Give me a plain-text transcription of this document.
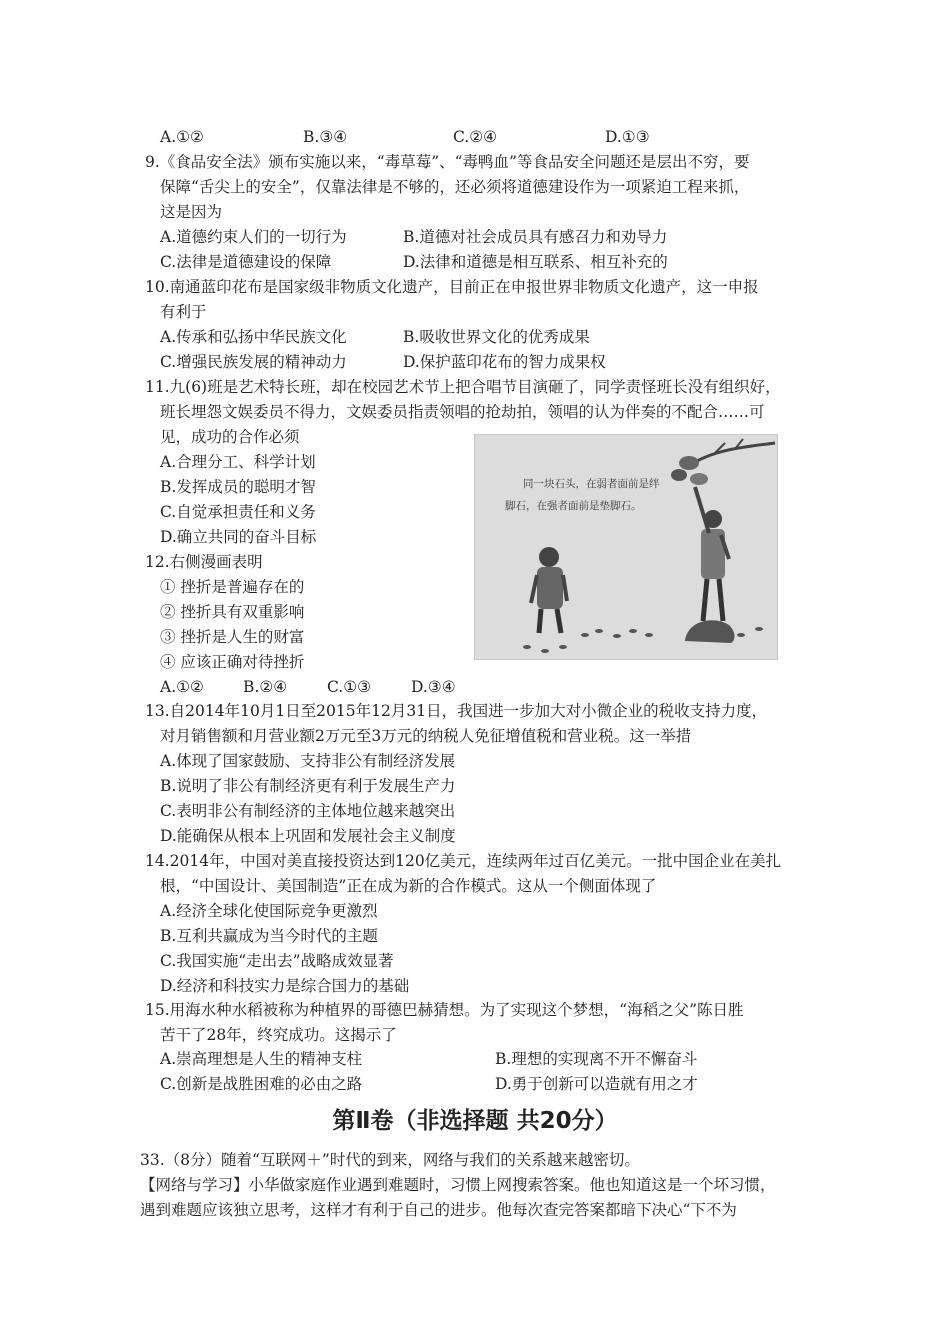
A.①②	B.③④	C.②④	D.①③
9.《食品安全法》颁布实施以来，“毒草莓”、“毒鸭血”等食品安全问题还是层出不穷，要
保障“舌尖上的安全”，仅靠法律是不够的，还必须将道德建设作为一项紧迫工程来抓，
这是因为
A.道德约束人们的一切行为	B.道德对社会成员具有感召力和劝导力
C.法律是道德建设的保障	D.法律和道德是相互联系、相互补充的
10.南通蓝印花布是国家级非物质文化遗产，目前正在申报世界非物质文化遗产，这一申报
有利于
A.传承和弘扬中华民族文化	B.吸收世界文化的优秀成果
C.增强民族发展的精神动力	D.保护蓝印花布的智力成果权
11.九(6)班是艺术特长班，却在校园艺术节上把合唱节目演砸了，同学责怪班长没有组织好，
班长埋怨文娱委员不得力，文娱委员指责领唱的抢劫拍，领唱的认为伴奏的不配合……可
见，成功的合作必须
A.合理分工、科学计划
B.发挥成员的聪明才智
C.自觉承担责任和义务
D.确立共同的奋斗目标
12.右侧漫画表明
① 挫折是普遍存在的
② 挫折具有双重影响
③ 挫折是人生的财富
④ 应该正确对待挫折
A.①②	B.②④	C.①③	D.③④
同一块石头，在弱者面前是绊
脚石，在强者面前是垫脚石。
13.自2014年10月1日至2015年12月31日，我国进一步加大对小微企业的税收支持力度，
对月销售额和月营业额2万元至3万元的纳税人免征增值税和营业税。这一举措
A.体现了国家鼓励、支持非公有制经济发展
B.说明了非公有制经济更有利于发展生产力
C.表明非公有制经济的主体地位越来越突出
D.能确保从根本上巩固和发展社会主义制度
14.2014年，中国对美直接投资达到120亿美元，连续两年过百亿美元。一批中国企业在美扎
根，“中国设计、美国制造”正在成为新的合作模式。这从一个侧面体现了
A.经济全球化使国际竞争更激烈
B.互利共赢成为当今时代的主题
C.我国实施“走出去”战略成效显著
D.经济和科技实力是综合国力的基础
15.用海水种水稻被称为种植界的哥德巴赫猜想。为了实现这个梦想，“海稻之父”陈日胜
苦干了28年，终究成功。这揭示了
A.崇高理想是人生的精神支柱	B.理想的实现离不开不懈奋斗
C.创新是战胜困难的必由之路	D.勇于创新可以造就有用之才
第Ⅱ卷（非选择题 共20分）
33.（8分）随着“互联网＋”时代的到来，网络与我们的关系越来越密切。
【网络与学习】小华做家庭作业遇到难题时，习惯上网搜索答案。他也知道这是一个坏习惯，
遇到难题应该独立思考，这样才有利于自己的进步。他每次查完答案都暗下决心“下不为
